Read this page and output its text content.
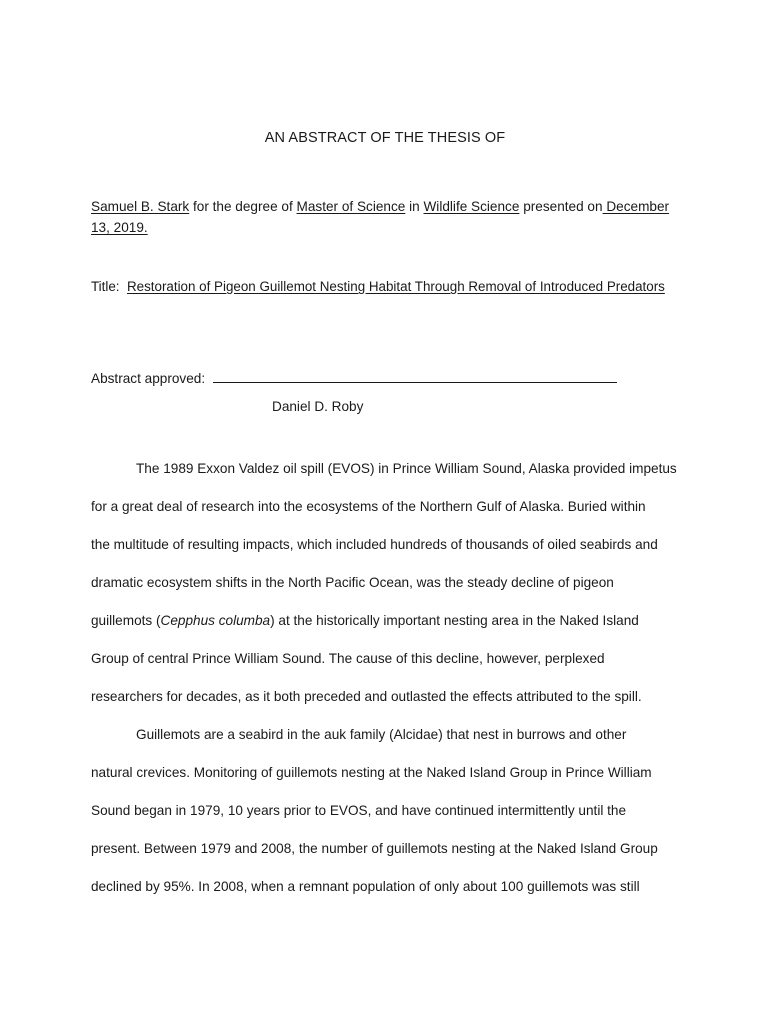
AN ABSTRACT OF THE THESIS OF
Samuel B. Stark for the degree of Master of Science in Wildlife Science presented on December
13, 2019.
Title:  Restoration of Pigeon Guillemot Nesting Habitat Through Removal of Introduced Predators
Abstract approved:
Daniel D. Roby
The 1989 Exxon Valdez oil spill (EVOS) in Prince William Sound, Alaska provided impetus
for a great deal of research into the ecosystems of the Northern Gulf of Alaska. Buried within
the multitude of resulting impacts, which included hundreds of thousands of oiled seabirds and
dramatic ecosystem shifts in the North Pacific Ocean, was the steady decline of pigeon
guillemots (Cepphus columba) at the historically important nesting area in the Naked Island
Group of central Prince William Sound. The cause of this decline, however, perplexed
researchers for decades, as it both preceded and outlasted the effects attributed to the spill.
Guillemots are a seabird in the auk family (Alcidae) that nest in burrows and other
natural crevices. Monitoring of guillemots nesting at the Naked Island Group in Prince William
Sound began in 1979, 10 years prior to EVOS, and have continued intermittently until the
present. Between 1979 and 2008, the number of guillemots nesting at the Naked Island Group
declined by 95%. In 2008, when a remnant population of only about 100 guillemots was still
